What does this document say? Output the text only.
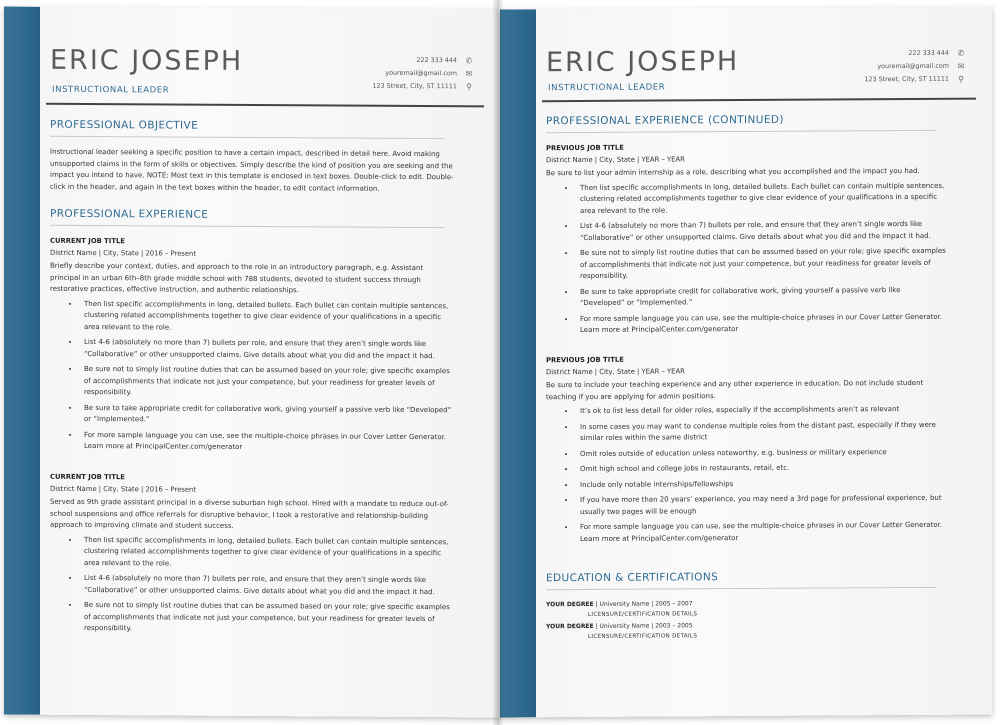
ERIC JOSEPH
INSTRUCTIONAL LEADER
222 333 444 ✆
youremail@gmail.com ✉
123 Street, City, ST 11111 ⚲
PROFESSIONAL OBJECTIVE
Instructional leader seeking a specific position to have a certain impact, described in detail here. Avoid making unsupported claims in the form of skills or objectives. Simply describe the kind of position you are seeking and the impact you intend to have. NOTE: Most text in this template is enclosed in text boxes. Double-click to edit. Double-click in the header, and again in the text boxes within the header, to edit contact information.
PROFESSIONAL EXPERIENCE

CURRENT JOB TITLE

District Name | City, State | 2016 – Present

Briefly describe your context, duties, and approach to the role in an introductory paragraph, e.g. Assistant principal in an urban 6th–8th grade middle school with 788 students, devoted to student success through restorative practices, effective instruction, and authentic relationships.

• Then list specific accomplishments in long, detailed bullets. Each bullet can contain multiple sentences, clustering related accomplishments together to give clear evidence of your qualifications in a specific area relevant to the role.
• List 4-6 (absolutely no more than 7) bullets per role, and ensure that they aren’t single words like “Collaborative” or other unsupported claims. Give details about what you did and the impact it had.
• Be sure not to simply list routine duties that can be assumed based on your role; give specific examples of accomplishments that indicate not just your competence, but your readiness for greater levels of responsibility.
• Be sure to take appropriate credit for collaborative work, giving yourself a passive verb like “Developed” or “Implemented.”
• For more sample language you can use, see the multiple-choice phrases in our Cover Letter Generator. Learn more at PrincipalCenter.com/generator

CURRENT JOB TITLE

District Name | City, State | 2016 – Present

Served as 9th grade assistant principal in a diverse suburban high school. Hired with a mandate to reduce out-of-school suspensions and office referrals for disruptive behavior, I took a restorative and relationship-building approach to improving climate and student success.

• Then list specific accomplishments in long, detailed bullets. Each bullet can contain multiple sentences, clustering related accomplishments together to give clear evidence of your qualifications in a specific area relevant to the role.
• List 4-6 (absolutely no more than 7) bullets per role, and ensure that they aren’t single words like “Collaborative” or other unsupported claims. Give details about what you did and the impact it had.
• Be sure not to simply list routine duties that can be assumed based on your role; give specific examples of accomplishments that indicate not just your competence, but your readiness for greater levels of responsibility.
ERIC JOSEPH
INSTRUCTIONAL LEADER
222 333 444 ✆
youremail@gmail.com ✉
123 Street, City, ST 11111 ⚲
PROFESSIONAL EXPERIENCE (CONTINUED)

PREVIOUS JOB TITLE

District Name | City, State | YEAR – YEAR

Be sure to list your admin internship as a role, describing what you accomplished and the impact you had.

• Then list specific accomplishments in long, detailed bullets. Each bullet can contain multiple sentences, clustering related accomplishments together to give clear evidence of your qualifications in a specific area relevant to the role.
• List 4-6 (absolutely no more than 7) bullets per role, and ensure that they aren’t single words like “Collaborative” or other unsupported claims. Give details about what you did and the impact it had.
• Be sure not to simply list routine duties that can be assumed based on your role; give specific examples of accomplishments that indicate not just your competence, but your readiness for greater levels of responsibility.
• Be sure to take appropriate credit for collaborative work, giving yourself a passive verb like “Developed” or “Implemented.”
• For more sample language you can use, see the multiple-choice phrases in our Cover Letter Generator. Learn more at PrincipalCenter.com/generator

PREVIOUS JOB TITLE

District Name | City, State | YEAR – YEAR

Be sure to include your teaching experience and any other experience in education. Do not include student teaching if you are applying for admin positions.

• It’s ok to list less detail for older roles, especially if the accomplishments aren’t as relevant
• In some cases you may want to condense multiple roles from the distant past, especially if they were similar roles within the same district
• Omit roles outside of education unless noteworthy, e.g. business or military experience
• Omit high school and college jobs in restaurants, retail, etc.
• Include only notable internships/fellowships
• If you have more than 20 years’ experience, you may need a 3rd page for professional experience, but usually two pages will be enough
• For more sample language you can use, see the multiple-choice phrases in our Cover Letter Generator. Learn more at PrincipalCenter.com/generator
EDUCATION & CERTIFICATIONS
YOUR DEGREE | University Name | 2005 – 2007
LICENSURE/CERTIFICATION DETAILS
YOUR DEGREE | University Name | 2003 – 2005
LICENSURE/CERTIFICATION DETAILS
